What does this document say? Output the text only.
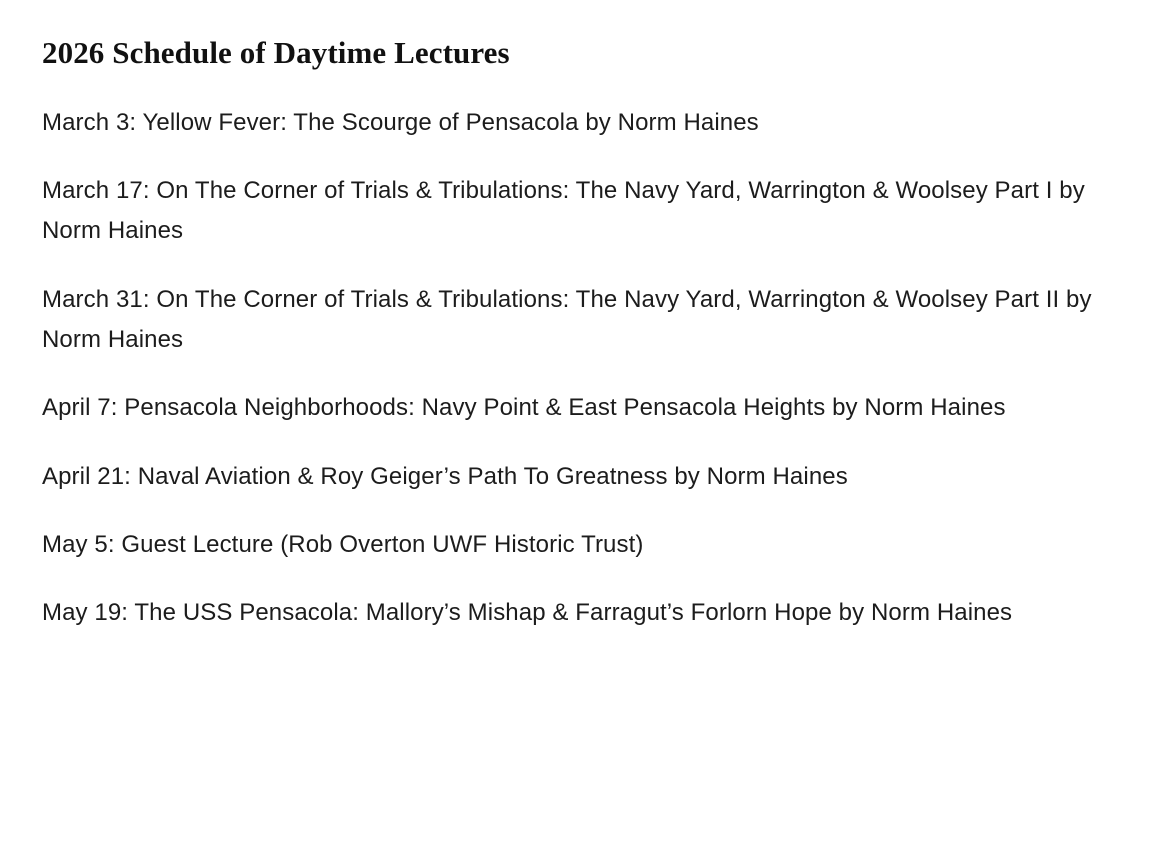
2026 Schedule of Daytime Lectures
March 3: Yellow Fever: The Scourge of Pensacola by Norm Haines
March 17: On The Corner of Trials & Tribulations: The Navy Yard, Warrington & Woolsey Part I by Norm Haines
March 31: On The Corner of Trials & Tribulations: The Navy Yard, Warrington & Woolsey Part II by Norm Haines
April 7: Pensacola Neighborhoods: Navy Point & East Pensacola Heights by Norm Haines
April 21: Naval Aviation & Roy Geiger’s Path To Greatness by Norm Haines
May 5: Guest Lecture (Rob Overton UWF Historic Trust)
May 19: The USS Pensacola: Mallory’s Mishap & Farragut’s Forlorn Hope by Norm Haines
